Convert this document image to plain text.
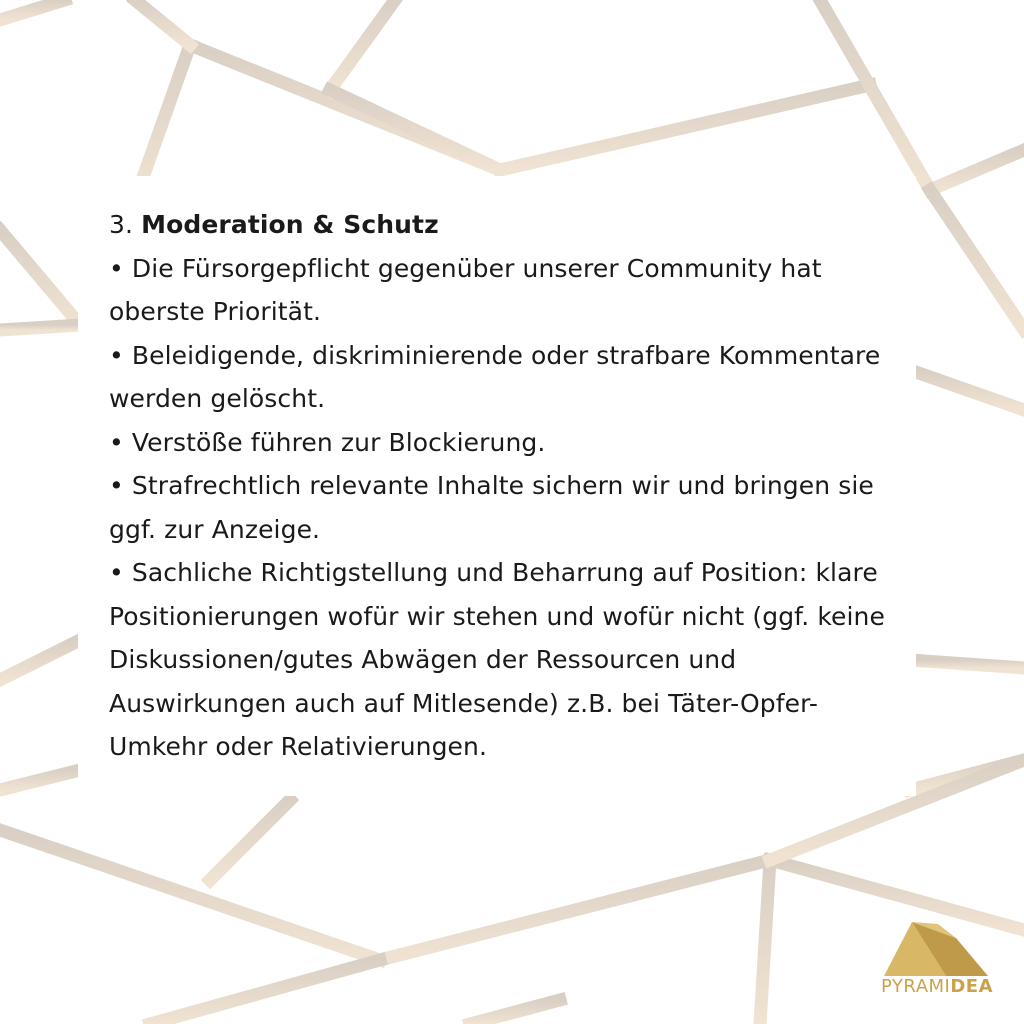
3. Moderation & Schutz
• Die Fürsorgepflicht gegenüber unserer Community hat oberste Priorität.
• Beleidigende, diskriminierende oder strafbare Kommentare werden gelöscht.
• Verstöße führen zur Blockierung.
• Strafrechtlich relevante Inhalte sichern wir und bringen sie ggf. zur Anzeige.
• Sachliche Richtigstellung und Beharrung auf Position: klare Positionierungen wofür wir stehen und wofür nicht (ggf. keine Diskussionen/gutes Abwägen der Ressourcen und Auswirkungen auch auf Mitlesende) z.B. bei Täter-Opfer-Umkehr oder Relativierungen.
PYRAMIDEA
